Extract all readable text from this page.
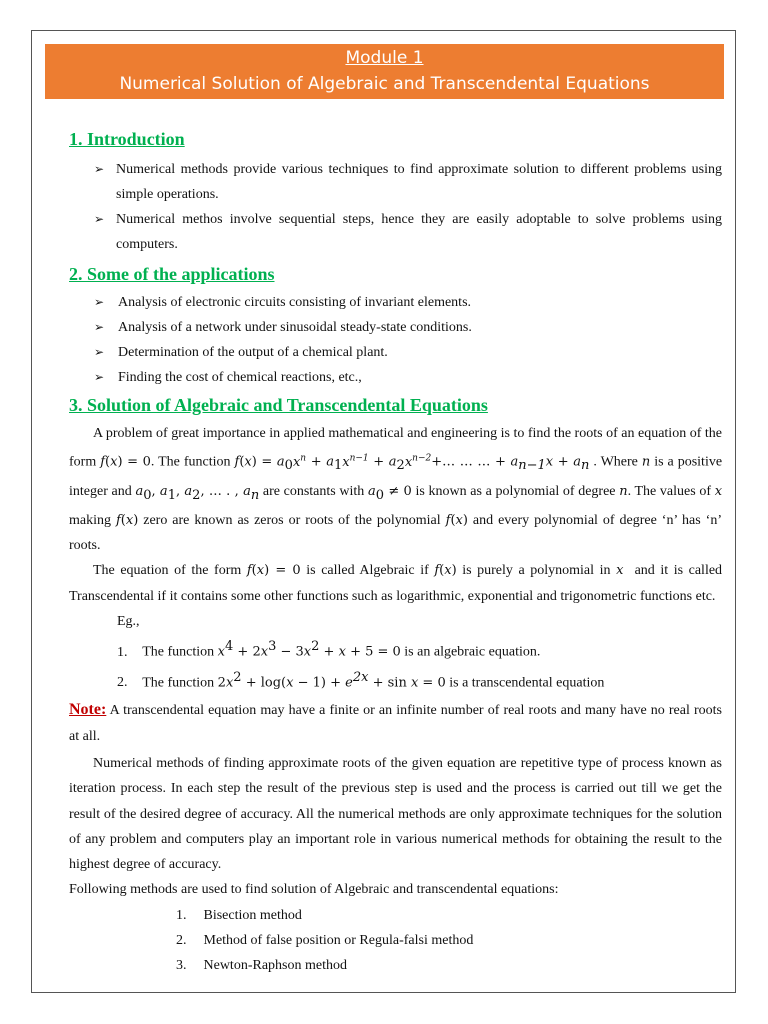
Module 1
Numerical Solution of Algebraic and Transcendental Equations
1. Introduction
➢ Numerical methods provide various techniques to find approximate solution to different problems using simple operations.
➢ Numerical methos involve sequential steps, hence they are easily adoptable to solve problems using computers.
2. Some of the applications
➢ Analysis of electronic circuits consisting of invariant elements.
➢ Analysis of a network under sinusoidal steady-state conditions.
➢ Determination of the output of a chemical plant.
➢ Finding the cost of chemical reactions, etc.,
3. Solution of Algebraic and Transcendental Equations

A problem of great importance in applied mathematical and engineering is to find the roots of an equation of the form f(x) = 0. The function $f(x) = a_0x^n + a_1x^{n-1}$ + $a_2x^{n-2}+\dots$ … … + $a_{n-1}x + a_n$ . Where n is a positive integer and $a_0$, $a_1$, $a_2$, … . , $a_n$ are constants with $a_0 \ne 0$ is known as a polynomial of degree n. The values of x making f(x) zero are known as zeros or roots of the polynomial f(x) and every polynomial of degree ‘n’ has ‘n’ roots.

The equation of the form f(x) = 0 is called Algebraic if f(x) is purely a polynomial in x and it is called Transcendental if it contains some other functions such as logarithmic, exponential and trigonometric functions etc.

Eg.,
1. The function $x^4 + 2x^3 - 3x^2 + x + 5 = 0$ is an algebraic equation.
2. The function $2x^2 + \log(x - 1) + e^{2x} + \sin x = 0$ is a transcendental equation

Note: A transcendental equation may have a finite or an infinite number of real roots and many have no real roots at all.

Numerical methods of finding approximate roots of the given equation are repetitive type of process known as iteration process. In each step the result of the previous step is used and the process is carried out till we get the result of the desired degree of accuracy. All the numerical methods are only approximate techniques for the solution of any problem and computers play an important role in various numerical methods for obtaining the result to the highest degree of accuracy.

Following methods are used to find solution of Algebraic and transcendental equations:

1. Bisection method
2. Method of false position or Regula-falsi method
3. Newton-Raphson method
